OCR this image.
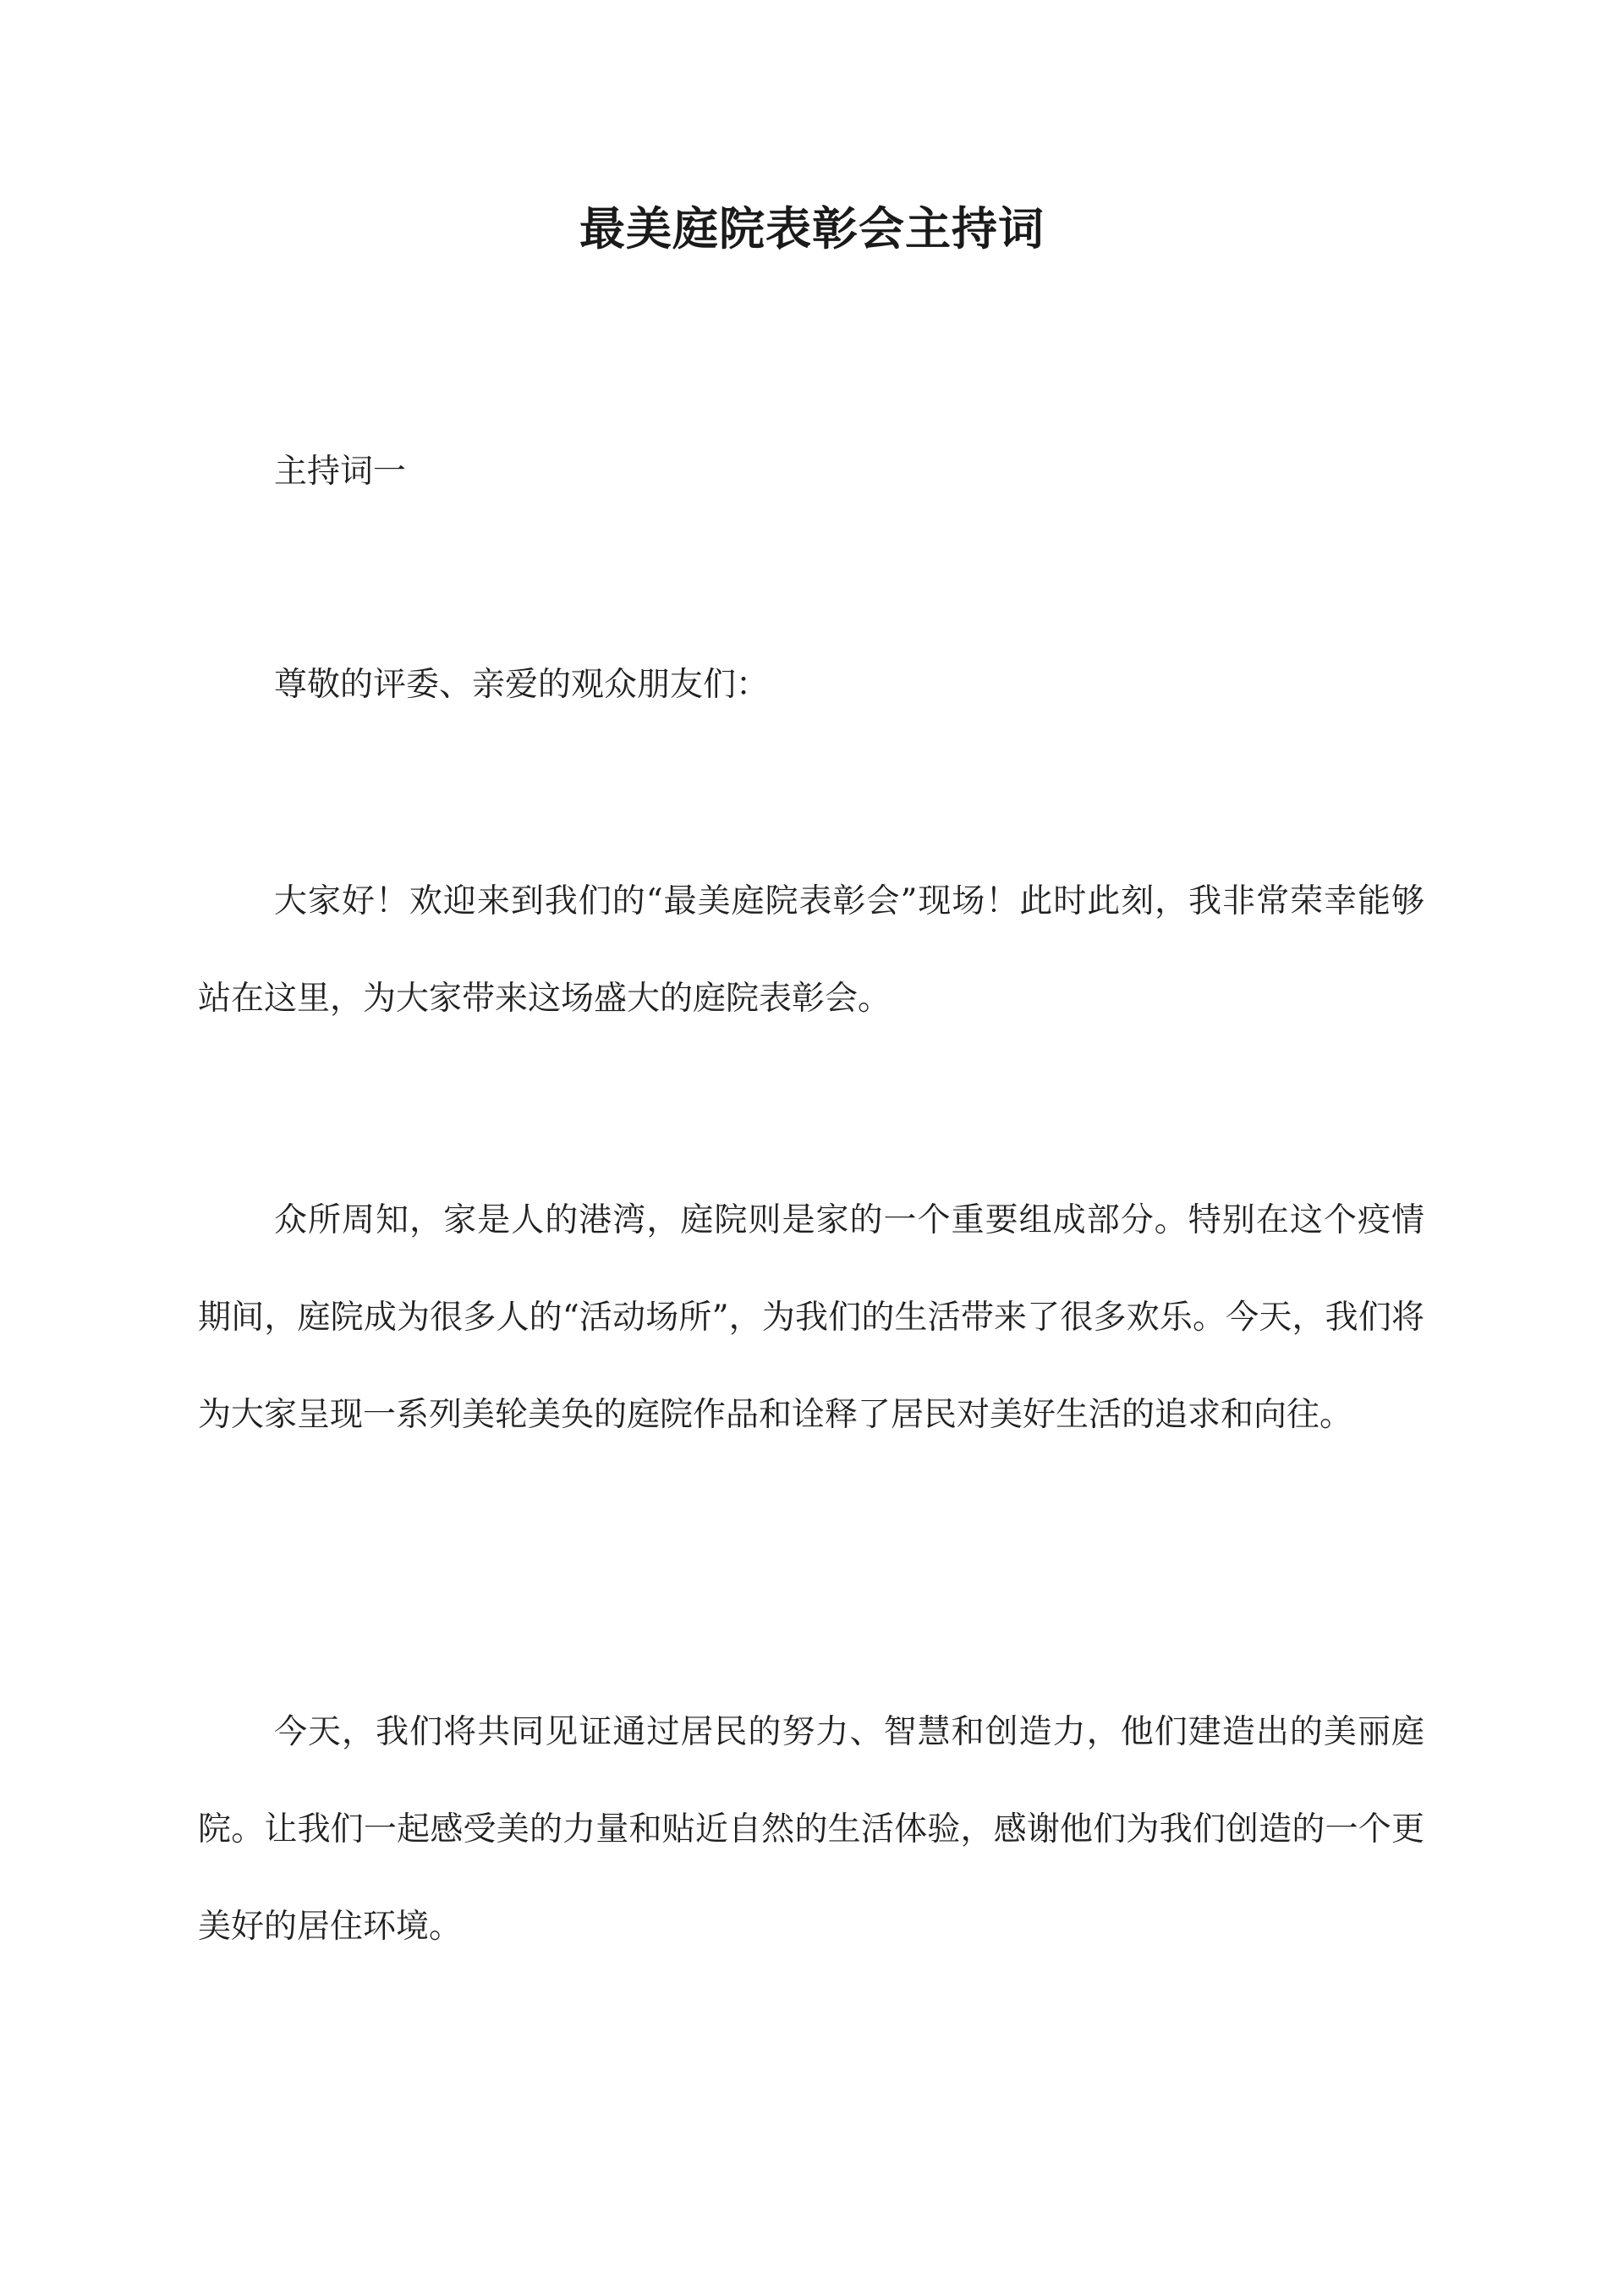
最美庭院表彰会主持词

主持词一

尊敬的评委、亲爱的观众朋友们：

大家好！欢迎来到我们的“最美庭院表彰会”现场！此时此刻，我非常荣幸能够站在这里，为大家带来这场盛大的庭院表彰会。

众所周知，家是人的港湾，庭院则是家的一个重要组成部分。特别在这个疫情期间，庭院成为很多人的“活动场所”，为我们的生活带来了很多欢乐。今天，我们将为大家呈现一系列美轮美奂的庭院作品和诠释了居民对美好生活的追求和向往。

今天，我们将共同见证通过居民的努力、智慧和创造力，他们建造出的美丽庭院。让我们一起感受美的力量和贴近自然的生活体验，感谢他们为我们创造的一个更美好的居住环境。
